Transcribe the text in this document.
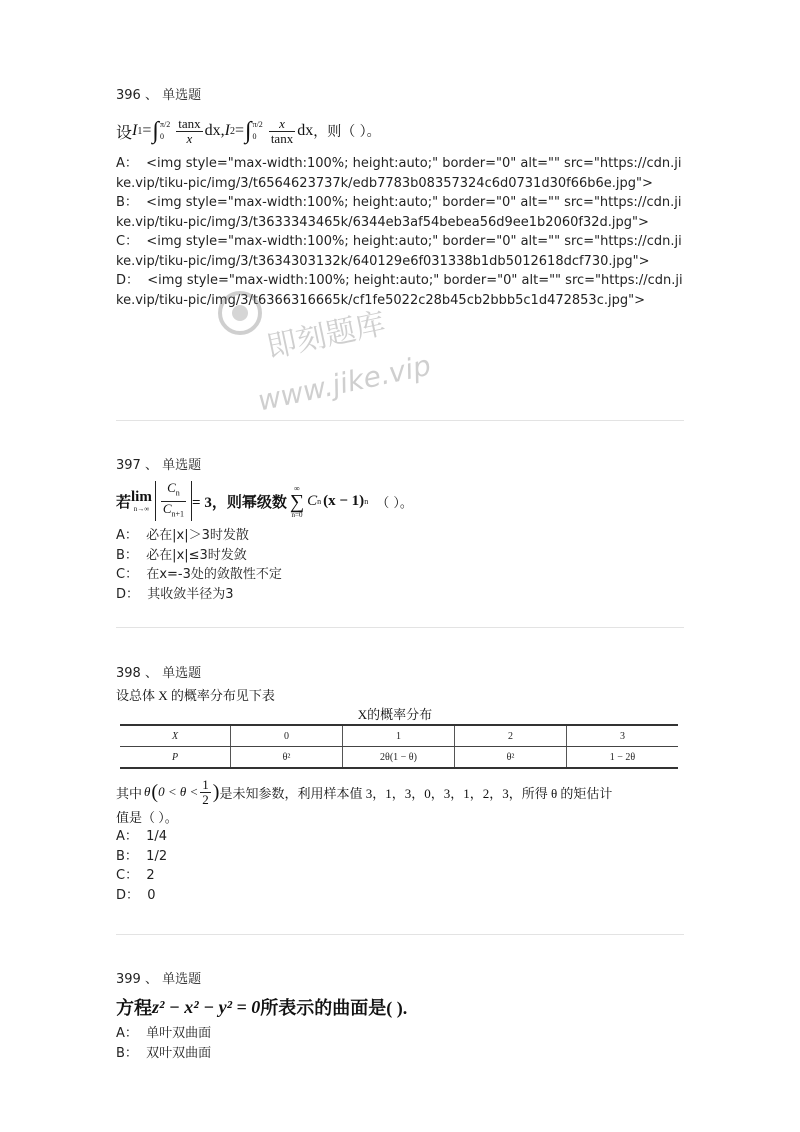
396 、 单选题
设 I 1 = ∫ π/2
$0 \frac{\tan x}{x}$ dx , I 2 = ∫ π/2
$0 \frac{x}{\tan x}$ dx ，则（ ）。
A：  <img style="max-width:100%; height:auto;" border="0" alt="" src="https://cdn.jike.vip/tiku-pic/img/3/t6564623737k/edb7783b08357324c6d0731d30f66b6e.jpg">
B：  <img style="max-width:100%; height:auto;" border="0" alt="" src="https://cdn.jike.vip/tiku-pic/img/3/t3633343465k/6344eb3af54bebea56d9ee1b2060f32d.jpg">
C：  <img style="max-width:100%; height:auto;" border="0" alt="" src="https://cdn.jike.vip/tiku-pic/img/3/t3634303132k/640129e6f031338b1db5012618dcf730.jpg">
D：  <img style="max-width:100%; height:auto;" border="0" alt="" src="https://cdn.jike.vip/tiku-pic/img/3/t6366316665k/cf1fe5022c28b45cb2bbb5c1d472853c.jpg">
397 、 单选题
若 lim
$n\to\infty \frac{C_n}{C_{n+1}} = 3$，则幂级数
∞
∑
n=0
C n (x − 1) n （ ）。
A：  必在|x|＞3时发散
B：  必在|x|≤3时发敛
C：  在x=-3处的敛散性不定
D：  其收敛半径为3
398 、 单选题
设总体 X 的概率分布见下表
X的概率分布
X	0	1	2	3
P	θ²	2θ(1 − θ)	θ²	1 − 2θ
其中 θ ( $0 < \theta < \frac{1}{2}$ ) 是未知参数，利用样本值 3，1，3，0，3，1，2，3，所得 θ 的矩估计
值是（ ）。
A：  1/4
B：  1/2
C：  2
D：  0
399 、 单选题
方程 z² − x² − y² = 0 所表示的曲面是( ).
A：  单叶双曲面
B：  双叶双曲面
即刻题库
www.jike.vip
